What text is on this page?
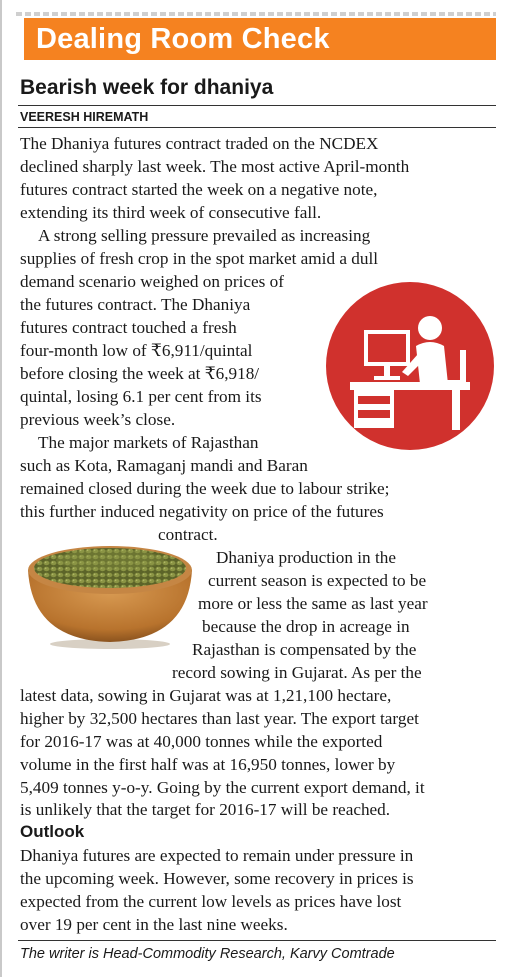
Dealing Room Check
Bearish week for dhaniya
VEERESH HIREMATH
The Dhaniya futures contract traded on the NCDEX
declined sharply last week. The most active April-month
futures contract started the week on a negative note,
extending its third week of consecutive fall.
A strong selling pressure prevailed as increasing
supplies of fresh crop in the spot market amid a dull
demand scenario weighed on prices of
the futures contract. The Dhaniya
futures contract touched a fresh
four-month low of ₹6,911/quintal
before closing the week at ₹6,918/
quintal, losing 6.1 per cent from its
previous week’s close.
The major markets of Rajasthan
such as Kota, Ramaganj mandi and Baran
remained closed during the week due to labour strike;
this further induced negativity on price of the futures
contract.
Dhaniya production in the
current season is expected to be
more or less the same as last year
because the drop in acreage in
Rajasthan is compensated by the
record sowing in Gujarat. As per the
latest data, sowing in Gujarat was at 1,21,100 hectare,
higher by 32,500 hectares than last year. The export target
for 2016-17 was at 40,000 tonnes while the exported
volume in the first half was at 16,950 tonnes, lower by
5,409 tonnes y-o-y. Going by the current export demand, it
Outlook
Dhaniya futures are expected to remain under pressure in
the upcoming week. However, some recovery in prices is
expected from the current low levels as prices have lost
over 19 per cent in the last nine weeks.
The writer is Head-Commodity Research, Karvy Comtrade
is unlikely that the target for 2016-17 will be reached.
